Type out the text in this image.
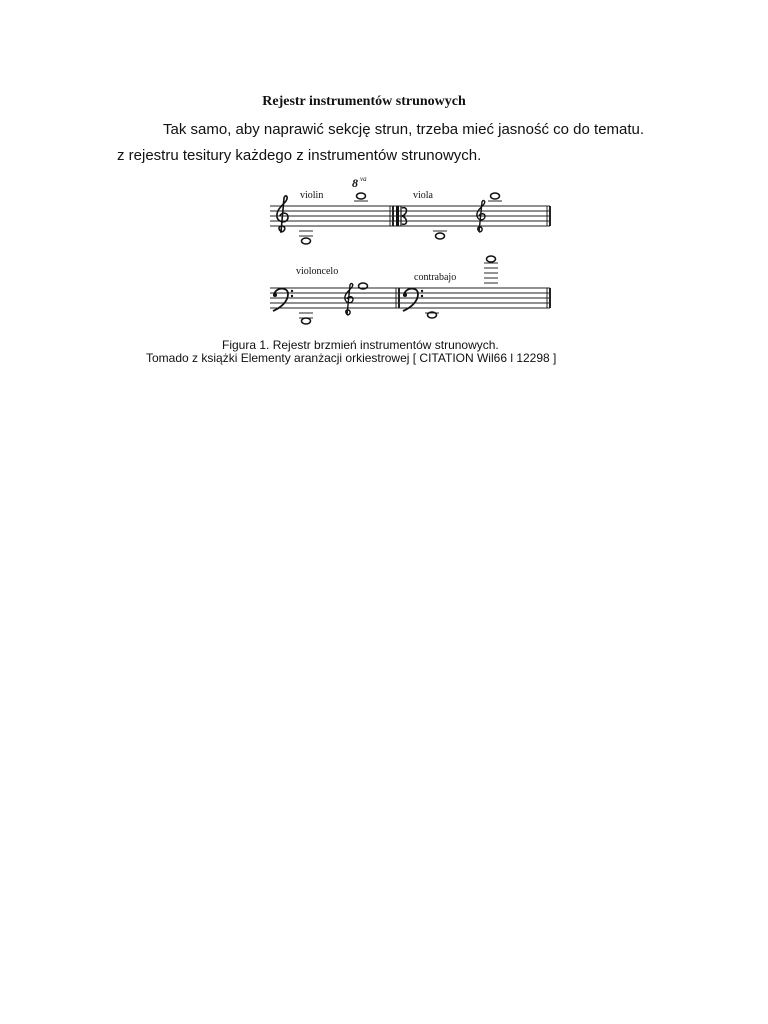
Rejestr instrumentów strunowych
Tak samo, aby naprawić sekcję strun, trzeba mieć jasność co do tematu.
z rejestru tesitury każdego z instrumentów strunowych.
violin
8 va
viola
violoncelo
contrabajo
Figura 1. Rejestr brzmień instrumentów strunowych.
Tomado z książki Elementy aranżacji orkiestrowej [ CITATION Wil66 l 12298 ]
